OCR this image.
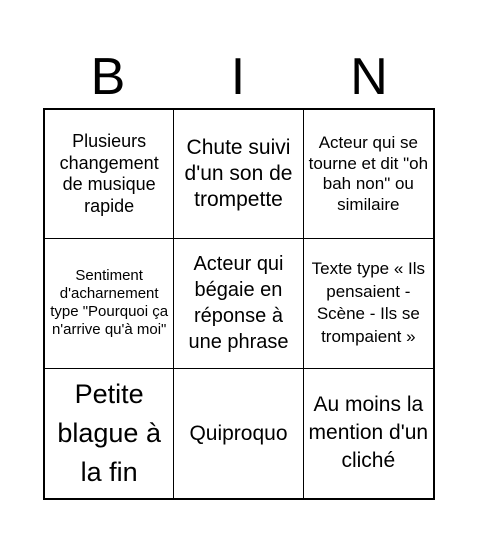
B	I	N
Plusieurs changement de musique rapide
Chute suivi d'un son de trompette
Acteur qui se tourne et dit "oh bah non" ou similaire
Sentiment d'acharnement type "Pourquoi ça n'arrive qu'à moi"
Acteur qui bégaie en réponse à une phrase
Texte type « Ils pensaient - Scène - Ils se trompaient »
Petite blague à la fin
Quiproquo
Au moins la mention d'un cliché
